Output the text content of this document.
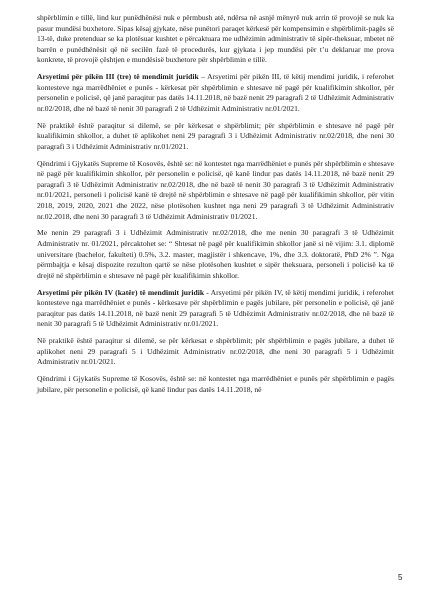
shpërblimin e tillë, lind kur punëdhënësi nuk e përmbush atë, ndërsa në asnjë mënyrë nuk arrin të provojë se nuk ka pasur mundësi buxhetore. Sipas kësaj gjykate, nëse punëtori paraqet kërkesë për kompensimin e shpërblimit-pagës së 13-të, duke pretenduar se ka plotësuar kushtet e përcaktuara me udhëzimin administrativ të sipër-theksuar, mbetet në barrën e punëdhënësit që në secilën fazë të procedurës, kur gjykata i jep mundësi për t’u deklaruar me prova konkrete, të provojë çështjen e mundësisë buxhetore për shpërblimin e tillë.

Arsyetimi për pikën III (tre) të mendimit juridik – Arsyetimi për pikën III, të këtij mendimi juridik, i referohet kontesteve nga marrëdhëniet e punës - kërkesat për shpërblimin e shtesave në pagë për kualifikimin shkollor, për personelin e policisë, që janë paraqitur pas datës 14.11.2018, në bazë nenit 29 paragrafi 2 të Udhëzimit Administrativ nr.02/2018, dhe në bazë të nenit 30 paragrafi 2 të Udhëzimit Administrativ nr.01/2021.

Në praktikë është paraqitur si dilemë, se për kërkesat e shpërblimit; për shpërblimin e shtesave në pagë për kualifikimin shkollor, a duhet të aplikohet neni 29 paragrafi 3 i Udhëzimit Administrativ nr.02/2018, dhe neni 30 paragrafi 3 i Udhëzimit Administrativ nr.01/2021.

Qëndrimi i Gjykatës Supreme të Kosovës, është se: në kontestet nga marrëdhëniet e punës për shpërblimin e shtesave në pagë për kualifikimin shkollor, për personelin e policisë, që kanë lindur pas datës 14.11.2018, në bazë nenit 29 paragrafi 3 të Udhëzimit Administrativ nr.02/2018, dhe në bazë të nenit 30 paragrafi 3 të Udhëzimit Administrativ nr.01/2021, personeli i policisë kanë të drejtë në shpërblimin e shtesave në pagë për kualifikimin shkollor, për vitin 2018, 2019, 2020, 2021 dhe 2022, nëse plotësohen kushtet nga neni 29 paragrafi 3 të Udhëzimit Administrativ nr.02.2018, dhe neni 30 paragrafi 3 të Udhëzimit Administrativ 01/2021.

Me nenin 29 paragrafi 3 i Udhëzimit Administrativ nr.02/2018, dhe me nenin 30 paragrafi 3 të Udhëzimit Administrativ nr. 01/2021, përcaktohet se: “ Shtesat në pagë për kualifikimin shkollor janë si në vijim: 3.1. diplomë universitare (bachelor, fakulteti) 0.5%, 3.2. master, magjistër i shkencave, 1%, dhe 3.3. doktoratë, PhD 2% ”. Nga përmbajtja e kësaj dispozite rezulton qartë se nëse plotësohen kushtet e sipër theksuara, personeli i policisë ka të drejtë në shpërblimin e shtesave në pagë për kualifikimin shkollor.

Arsyetimi për pikën IV (katër) të mendimit juridik - Arsyetimi për pikën IV, të këtij mendimi juridik, i referohet kontesteve nga marrëdhëniet e punës - kërkesave për shpërblimin e pagës jubilare, për personelin e policisë, që janë paraqitur pas datës 14.11.2018, në bazë nenit 29 paragrafi 5 të Udhëzimit Administrativ nr.02/2018, dhe në bazë të nenit 30 paragrafi 5 të Udhëzimit Administrativ nr.01/2021.

Në praktikë është paraqitur si dilemë, se për kërkesat e shpërblimit; për shpërblimin e pagës jubilare, a duhet të aplikohet neni 29 paragrafi 5 i Udhëzimit Administrativ nr.02/2018, dhe neni 30 paragrafi 5 i Udhëzimit Administrativ nr.01/2021.

Qëndrimi i Gjykatës Supreme të Kosovës, është se: në kontestet nga marrëdhëniet e punës për shpërblimin e pagës jubilare, për personelin e policisë, që kanë lindur pas datës 14.11.2018, në

5
